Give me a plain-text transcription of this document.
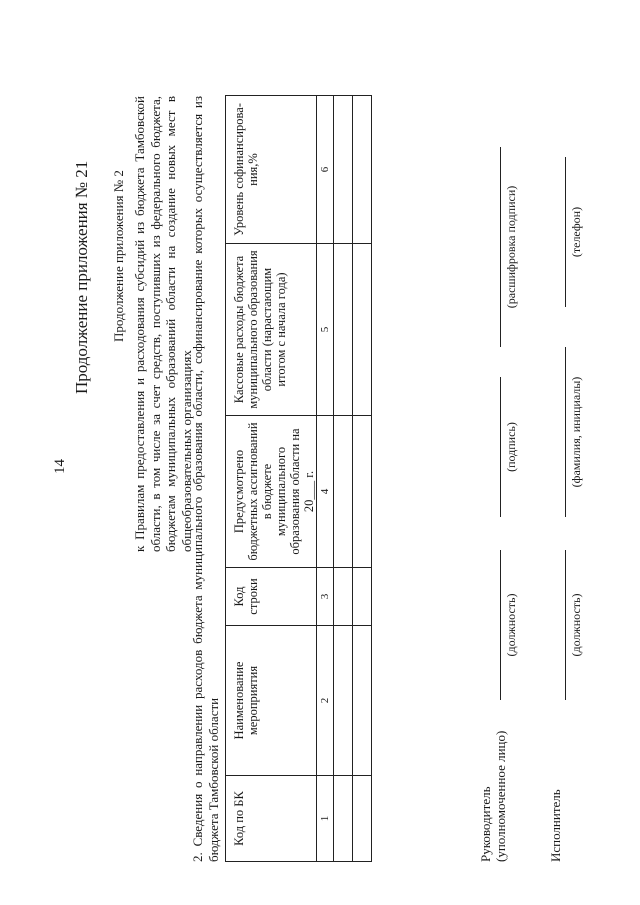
14
Продолжение приложения № 21 Продолжение приложения № 2 к Правилам предоставления и расходования субсидий из бюджета Тамбовской области, в том числе за счет средств, поступивших из федерального бюджета, бюджетам муниципальных образований области на создание новых мест в общеобразовательных организациях
2. Сведения о направлении расходов бюджета муниципального образования области, софинансирование которых осуществляется из бюджета Тамбовской области Код по БК	Наименование мероприятия	Код строки	Предусмотрено бюджетных ассигнований в бюджете муниципального образования области на 20___ г.	Кассовые расходы бюджета муниципального образования области (нарастающим итогом с начала года)	Уровень софинансирова-ния,%
1	2	3	4	5	6

Руководитель (уполномоченное лицо)
(должность)
(подпись)
(расшифровка подписи)
Исполнитель
(должность)
(фамилия, инициалы)
(телефон)
